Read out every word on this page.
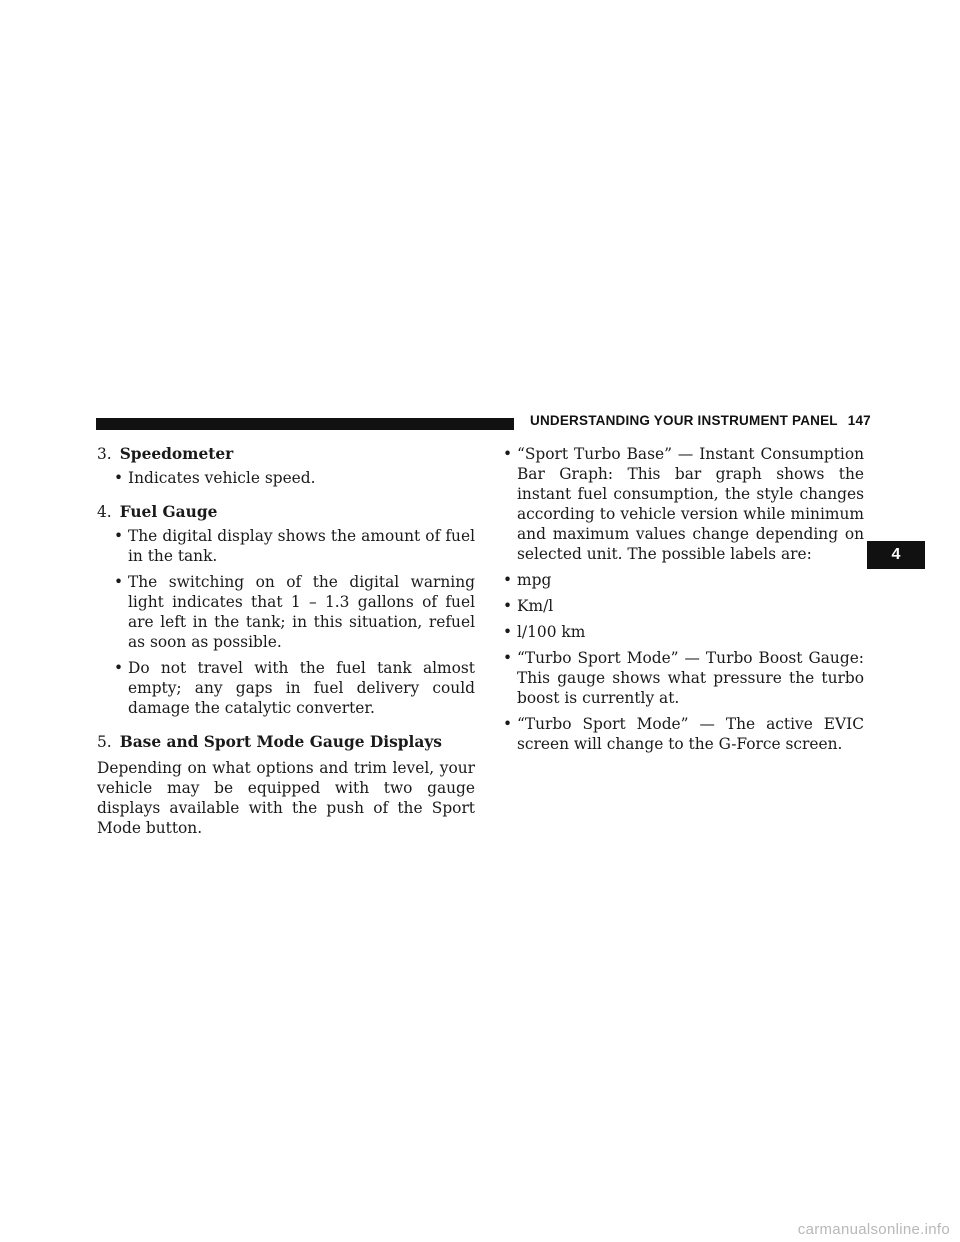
UNDERSTANDING YOUR INSTRUMENT PANEL 147
4
3. Speedometer
• Indicates vehicle speed.
4. Fuel Gauge
• The digital display shows the amount of fuel in the tank.
• The switching on of the digital warning light indicates that 1 – 1.3 gallons of fuel are left in the tank; in this situation, refuel as soon as possible.
• Do not travel with the fuel tank almost empty; any gaps in fuel delivery could damage the catalytic converter.
5. Base and Sport Mode Gauge Displays

Depending on what options and trim level, your vehicle may be equipped with two gauge displays available with the push of the Sport Mode button.

• “Sport Turbo Base” — Instant Consumption Bar Graph: This bar graph shows the instant fuel consumption, the style changes according to vehicle version while minimum and maximum values change depending on selected unit. The possible labels are:
• mpg
• Km/l
• l/100 km
• “Turbo Sport Mode” — Turbo Boost Gauge: This gauge shows what pressure the turbo boost is currently at.
• “Turbo Sport Mode” — The active EVIC screen will change to the G-Force screen.
carmanualsonline.info
